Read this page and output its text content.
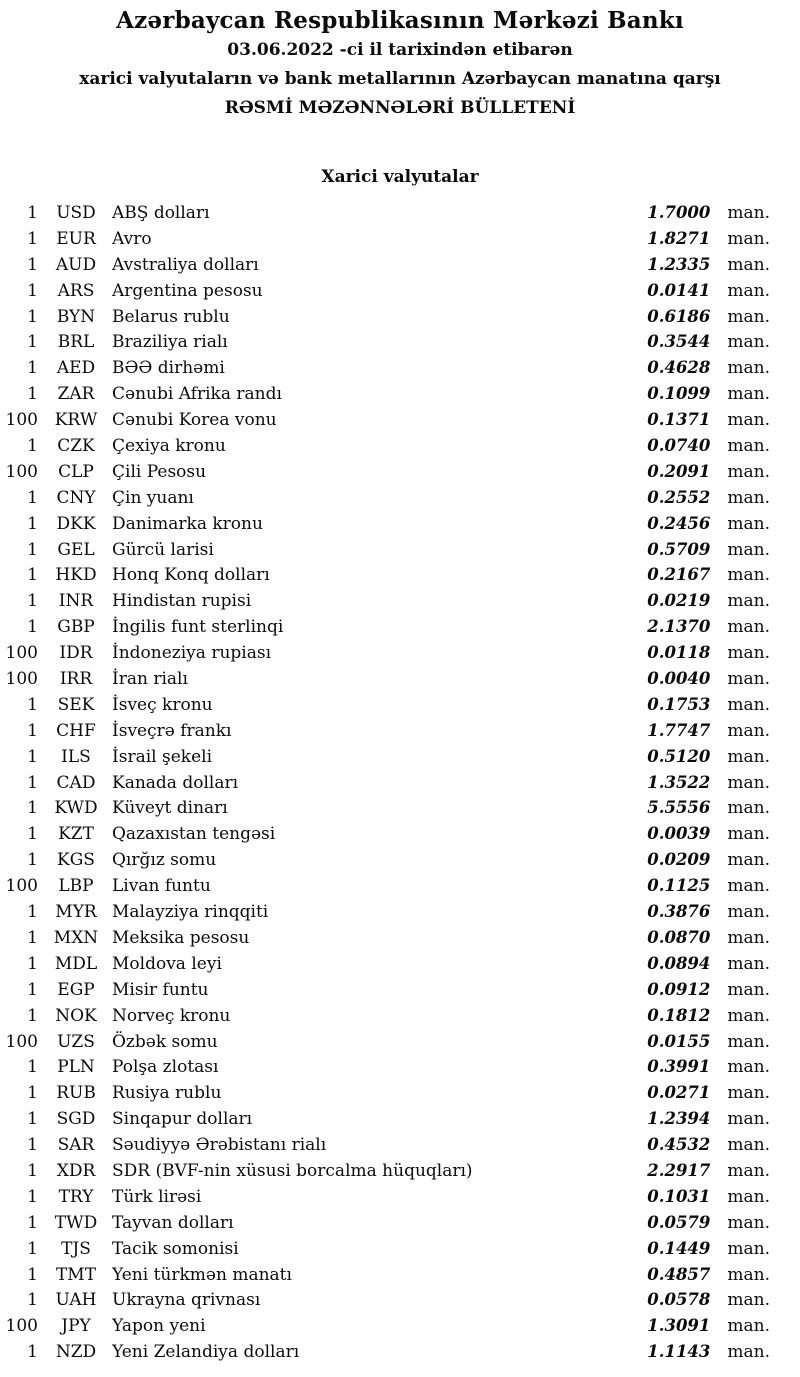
Azərbaycan Respublikasının Mərkəzi Bankı
03.06.2022 -ci il tarixindən etibarən
xarici valyutaların və bank metallarının Azərbaycan manatına qarşı
RƏSMİ MƏZƏNNƏLƏRİ BÜLLETENİ
Xarici valyutalar
1	USD ABŞ dolları	1.7000 man.
1	EUR Avro	1.8271 man.
1	AUD Avstraliya dolları	1.2335 man.
1	ARS	Argentina pesosu	0.0141 man.
1	BYN Belarus rublu	0.6186 man.
1	BRL	Braziliya rialı	0.3544 man.
1	AED BƏƏ dirhəmi	0.4628 man.
1	ZAR	Cənubi Afrika randı	0.1099 man.
100 KRW Cənubi Korea vonu	0.1371 man.
1	CZK	Çexiya kronu	0.0740 man.
100	CLP	Çili Pesosu	0.2091 man.
1	CNY Çin yuanı	0.2552 man.
1	DKK Danimarka kronu	0.2456 man.
1	GEL	Gürcü larisi	0.5709 man.
1	HKD Honq Konq dolları	0.2167 man.
1	INR	Hindistan rupisi	0.0219 man.
1	GBP	İngilis funt sterlinqi	2.1370 man.
100	IDR	İndoneziya rupiası	0.0118 man.
100	IRR	İran rialı	0.0040 man.
1	SEK	İsveç kronu	0.1753 man.
1	CHF İsveçrə frankı	1.7747 man.
1	ILS	İsrail şekeli	0.5120 man.
1	CAD Kanada dolları	1.3522 man.
1 KWD Küveyt dinarı	5.5556 man.
1	KZT	Qazaxıstan tengəsi	0.0039 man.
1	KGS	Qırğız somu	0.0209 man.
100	LBP	Livan funtu	0.1125 man.
1	MYR Malayziya rinqqiti	0.3876 man.
1 MXN Meksika pesosu	0.0870 man.
1 MDL Moldova leyi	0.0894 man.
1	EGP	Misir funtu	0.0912 man.
1	NOK Norveç kronu	0.1812 man.
100	UZS	Özbək somu	0.0155 man.
1	PLN	Polşa zlotası	0.3991 man.
1	RUB Rusiya rublu	0.0271 man.
1	SGD Sinqapur dolları	1.2394 man.
1	SAR	Səudiyyə Ərəbistanı rialı	0.4532 man.
1	XDR SDR (BVF-nin xüsusi borcalma hüquqları)	2.2917 man.
1	TRY	Türk lirəsi	0.1031 man.
1 TWD Tayvan dolları	0.0579 man.
1	TJS	Tacik somonisi	0.1449 man.
1	TMT Yeni türkmən manatı	0.4857 man.
1	UAH Ukrayna qrivnası	0.0578 man.
100	JPY	Yapon yeni	1.3091 man.
1	NZD Yeni Zelandiya dolları	1.1143 man.
